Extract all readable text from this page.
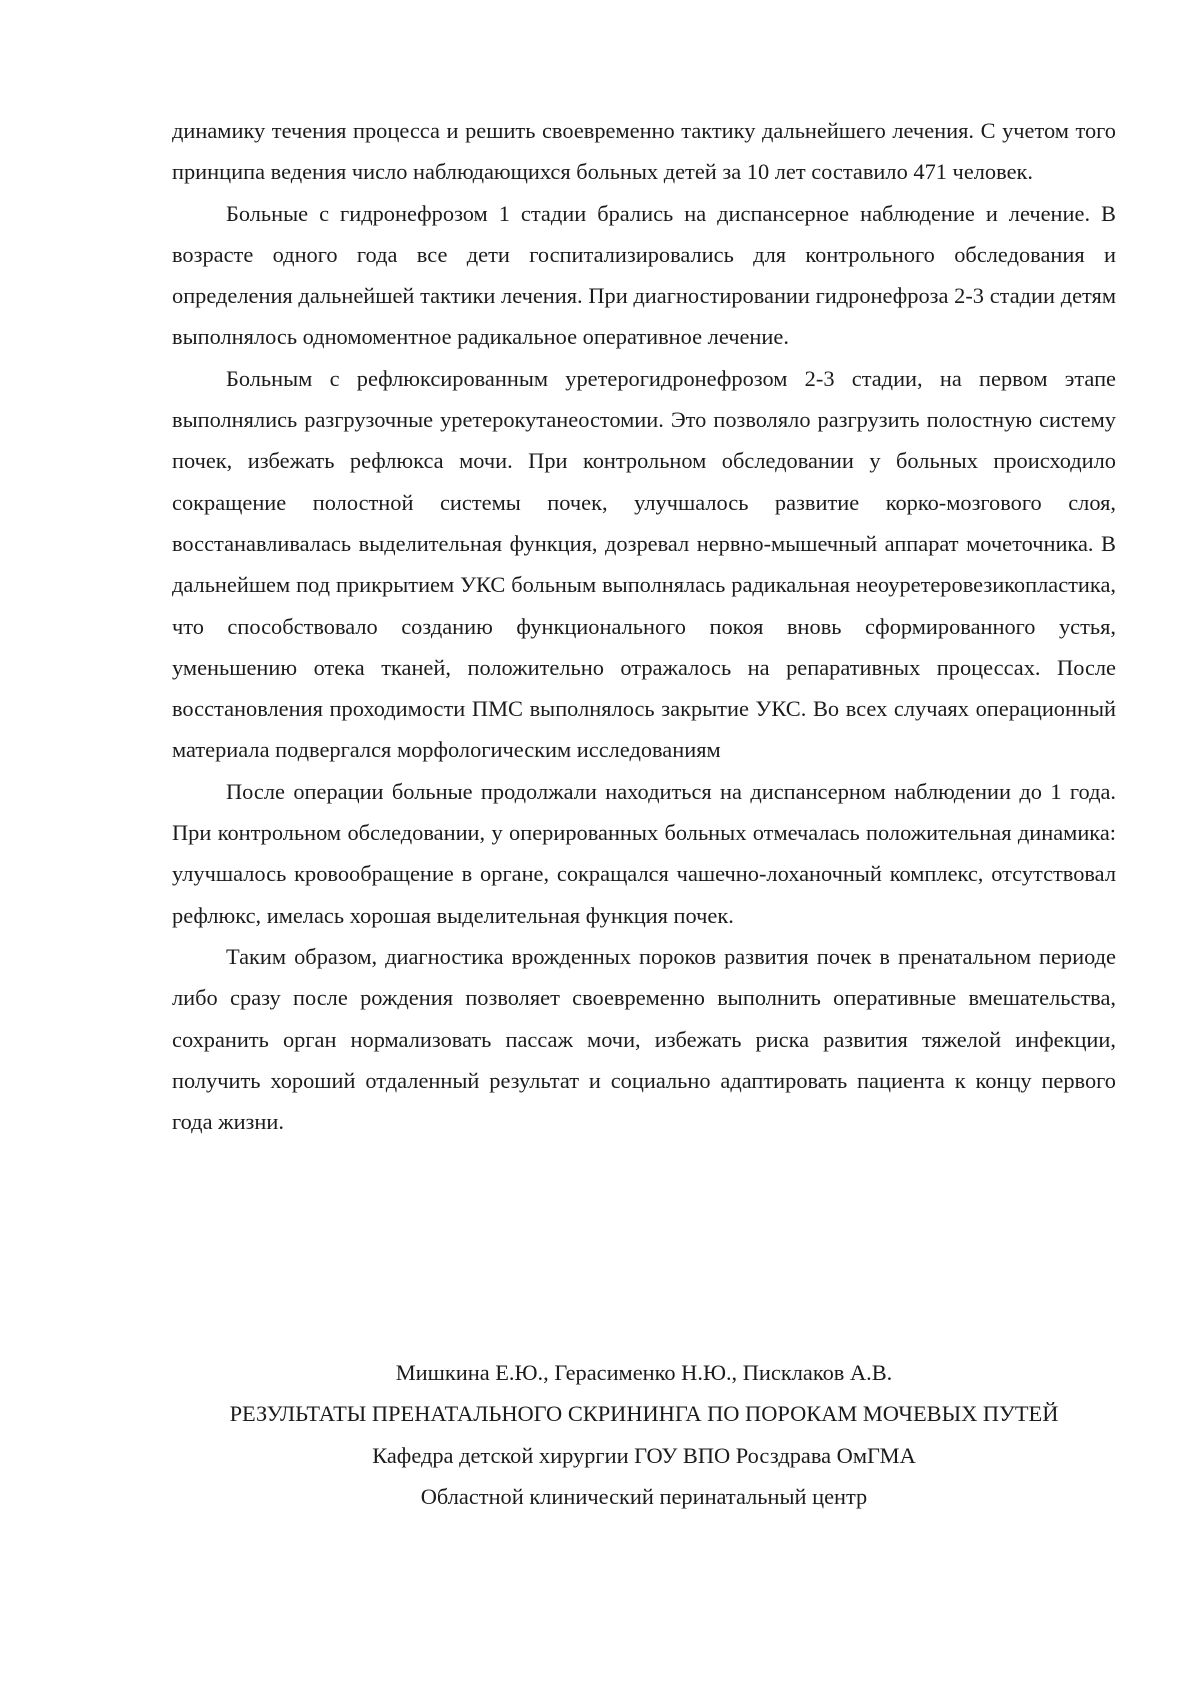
динамику течения процесса и решить своевременно тактику дальнейшего лечения. С учетом того принципа ведения число наблюдающихся больных детей за 10 лет составило 471 человек.

Больные с гидронефрозом 1 стадии брались на диспансерное наблюдение и лечение. В возрасте одного года все дети госпитализировались для контрольного обследования и определения дальнейшей тактики лечения. При диагностировании гидронефроза 2-3 стадии детям выполнялось одномоментное радикальное оперативное лечение.

Больным с рефлюксированным уретерогидронефрозом 2-3 стадии, на первом этапе выполнялись разгрузочные уретерокутанеостомии. Это позволяло разгрузить полостную систему почек, избежать рефлюкса мочи. При контрольном обследовании у больных происходило сокращение полостной системы почек, улучшалось развитие корко-мозгового слоя, восстанавливалась выделительная функция, дозревал нервно-мышечный аппарат мочеточника. В дальнейшем под прикрытием УКС больным выполнялась радикальная неоуретеровезикопластика, что способствовало созданию функционального покоя вновь сформированного устья, уменьшению отека тканей, положительно отражалось на репаративных процессах. После восстановления проходимости ПМС выполнялось закрытие УКС. Во всех случаях операционный материала подвергался морфологическим исследованиям

После операции больные продолжали находиться на диспансерном наблюдении до 1 года. При контрольном обследовании, у оперированных больных отмечалась положительная динамика: улучшалось кровообращение в органе, сокращался чашечно-лоханочный комплекс, отсутствовал рефлюкс, имелась хорошая выделительная функция почек.

Таким образом, диагностика врожденных пороков развития почек в пренатальном периоде либо сразу после рождения позволяет своевременно выполнить оперативные вмешательства, сохранить орган нормализовать пассаж мочи, избежать риска развития тяжелой инфекции, получить хороший отдаленный результат и социально адаптировать пациента к концу первого года жизни.

Мишкина Е.Ю., Герасименко Н.Ю., Писклаков А.В.

РЕЗУЛЬТАТЫ ПРЕНАТАЛЬНОГО СКРИНИНГА ПО ПОРОКАМ МОЧЕВЫХ ПУТЕЙ

Кафедра детской хирургии ГОУ ВПО Росздрава ОмГМА

Областной клинический перинатальный центр
